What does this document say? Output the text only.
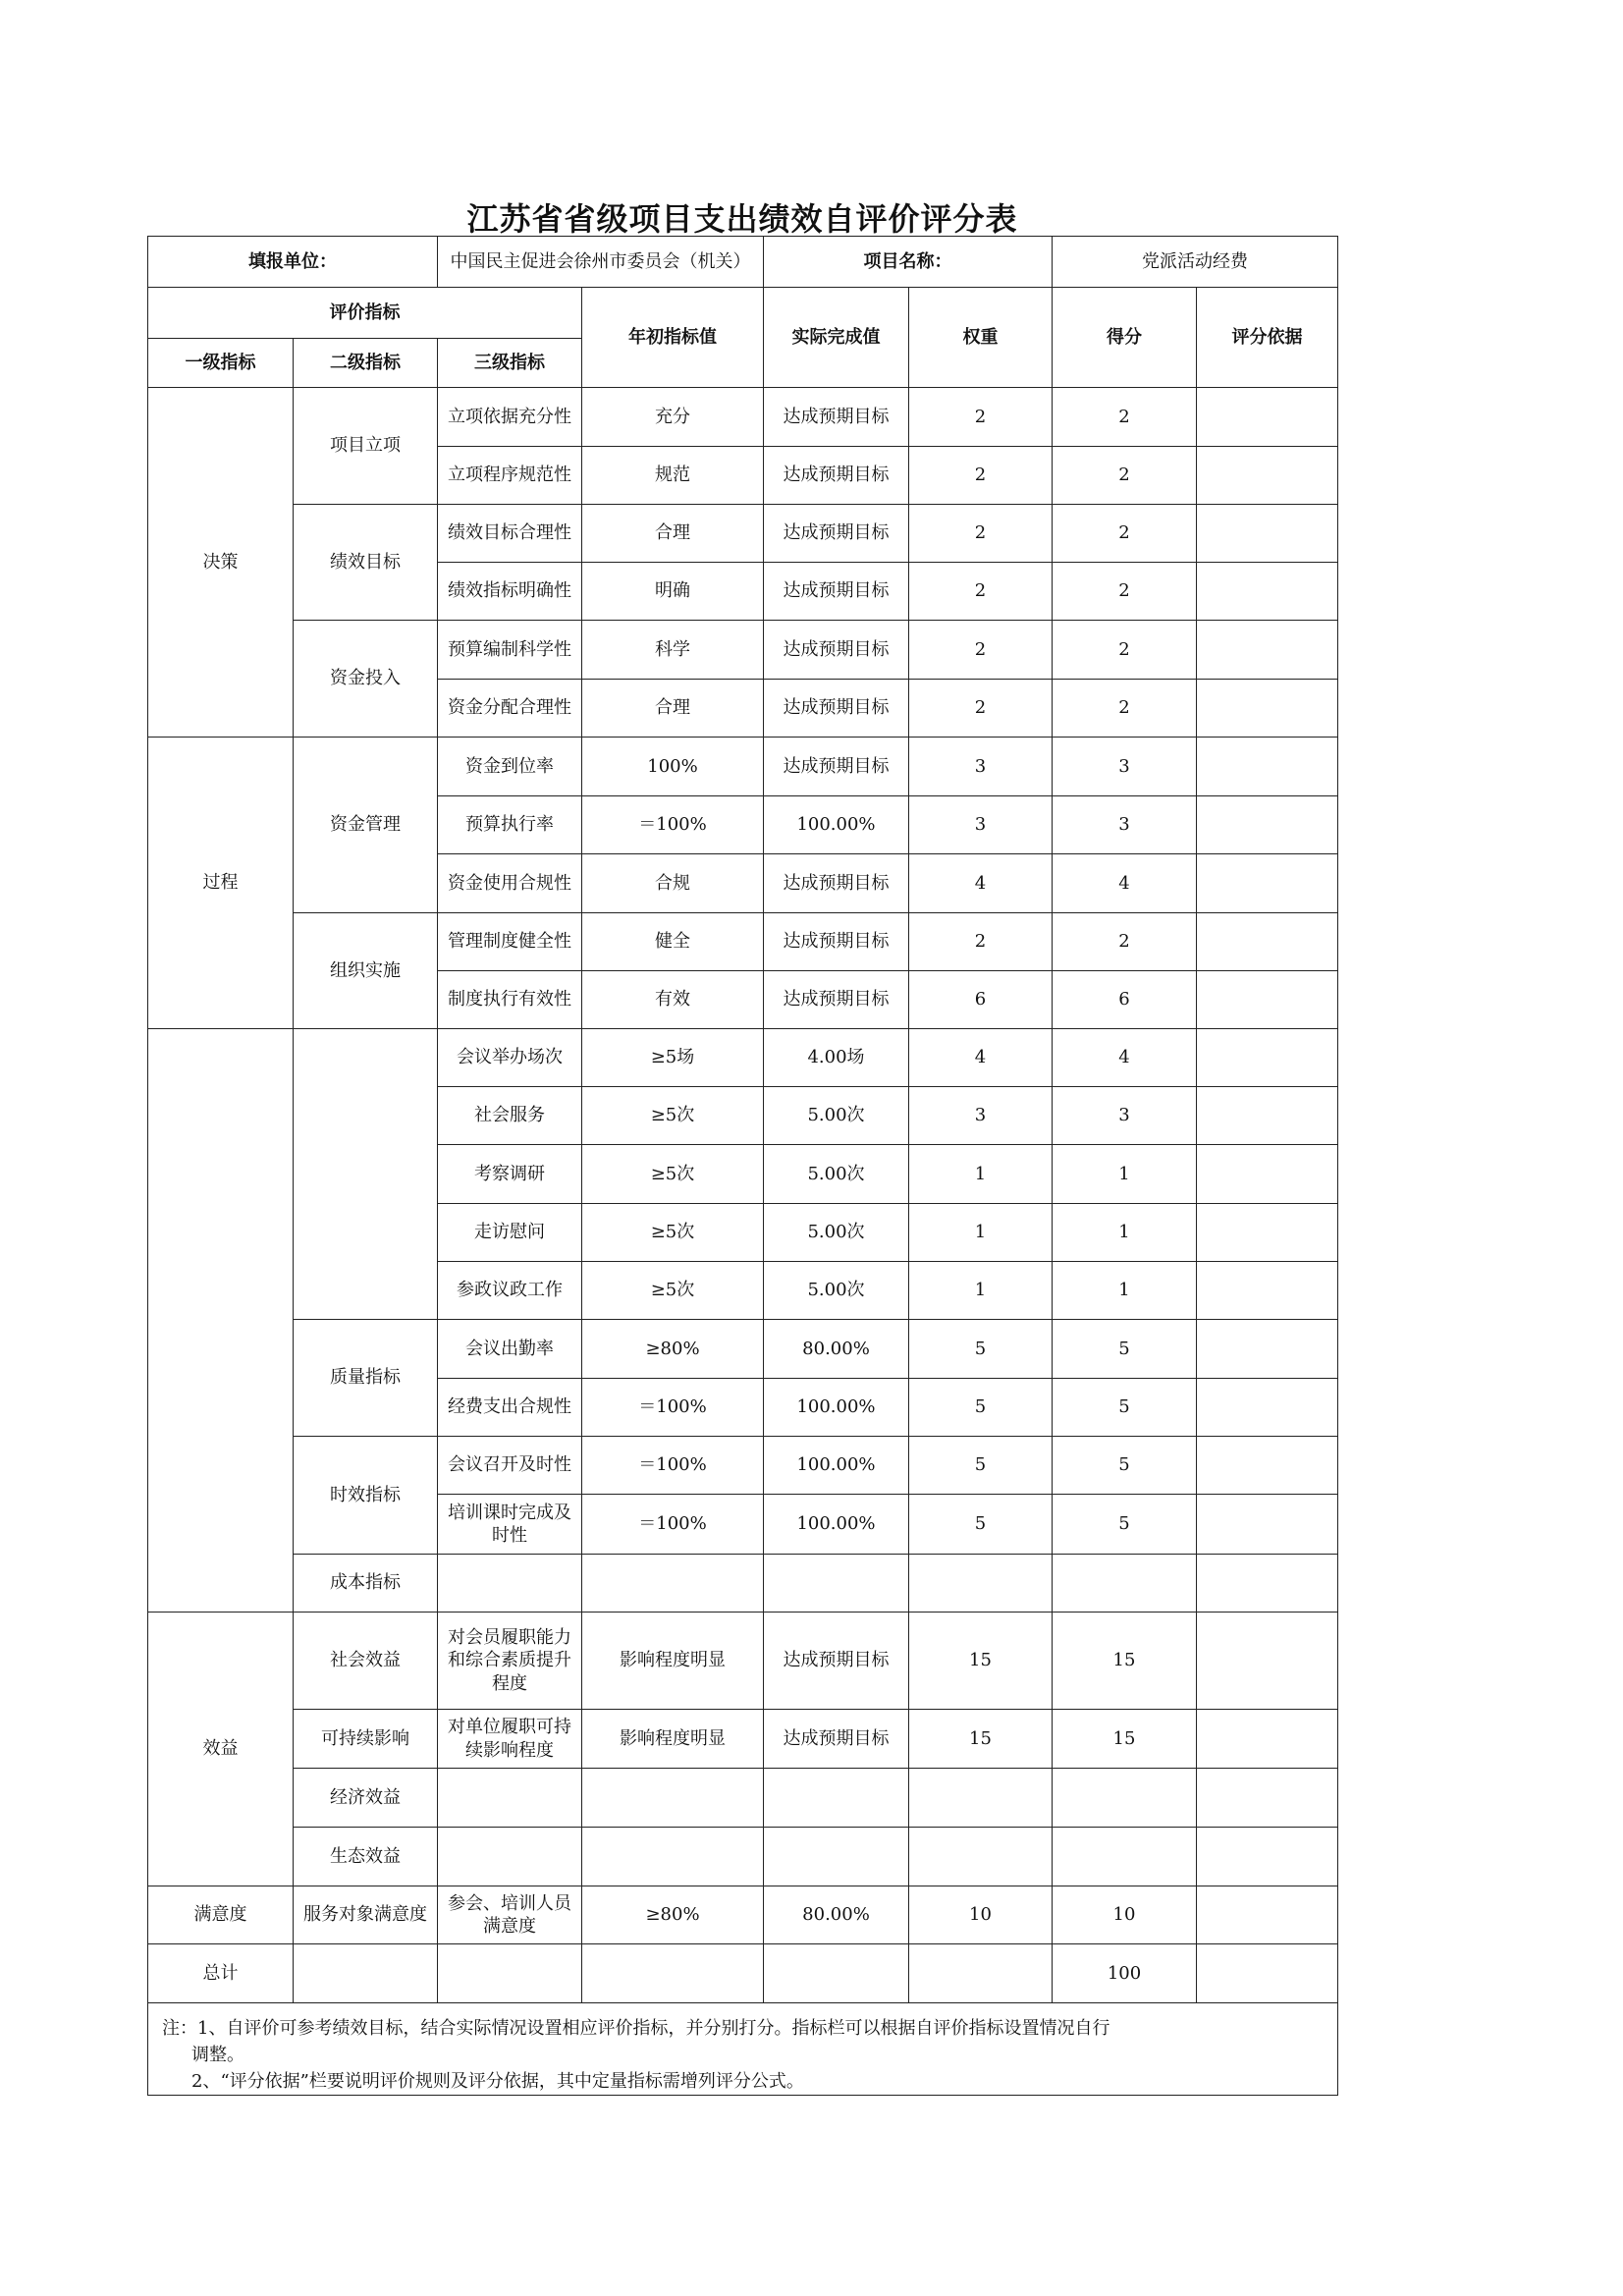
江苏省省级项目支出绩效自评价评分表
填报单位：		中国民主促进会徐州市委员会（机关）		项目名称：		党派活动经费	
评价指标			年初指标值	实际完成值	权重	得分	评分依据
一级指标	二级指标	三级指标					
决策	项目立项	立项依据充分性	充分	达成预期目标	2	2	
		立项程序规范性	规范	达成预期目标	2	2	
	绩效目标	绩效目标合理性	合理	达成预期目标	2	2	
		绩效指标明确性	明确	达成预期目标	2	2	
	资金投入	预算编制科学性	科学	达成预期目标	2	2	
		资金分配合理性	合理	达成预期目标	2	2	
过程	资金管理	资金到位率	100%	达成预期目标	3	3	
		预算执行率	＝100%	100.00%	3	3	
		资金使用合规性	合规	达成预期目标	4	4	
	组织实施	管理制度健全性	健全	达成预期目标	2	2	
		制度执行有效性	有效	达成预期目标	6	6	
		会议举办场次	≥5场	4.00场	4	4	
		社会服务	≥5次	5.00次	3	3	
		考察调研	≥5次	5.00次	1	1	
		走访慰问	≥5次	5.00次	1	1	
		参政议政工作	≥5次	5.00次	1	1	
	质量指标	会议出勤率	≥80%	80.00%	5	5	
		经费支出合规性	＝100%	100.00%	5	5	
	时效指标	会议召开及时性	＝100%	100.00%	5	5	
		培训课时完成及时性	＝100%	100.00%	5	5	
	成本指标						
效益	社会效益	对会员履职能力和综合素质提升程度	影响程度明显	达成预期目标	15	15	
	可持续影响	对单位履职可持续影响程度	影响程度明显	达成预期目标	15	15	
	经济效益						
	生态效益						
满意度	服务对象满意度	参会、培训人员满意度	≥80%	80.00%	10	10	
总计						100	

注：1、自评价可参考绩效目标，结合实际情况设置相应评价指标，并分别打分。指标栏可以根据自评价指标设置情况自行
调整。
2、“评分依据”栏要说明评价规则及评分依据，其中定量指标需增列评分公式。							
